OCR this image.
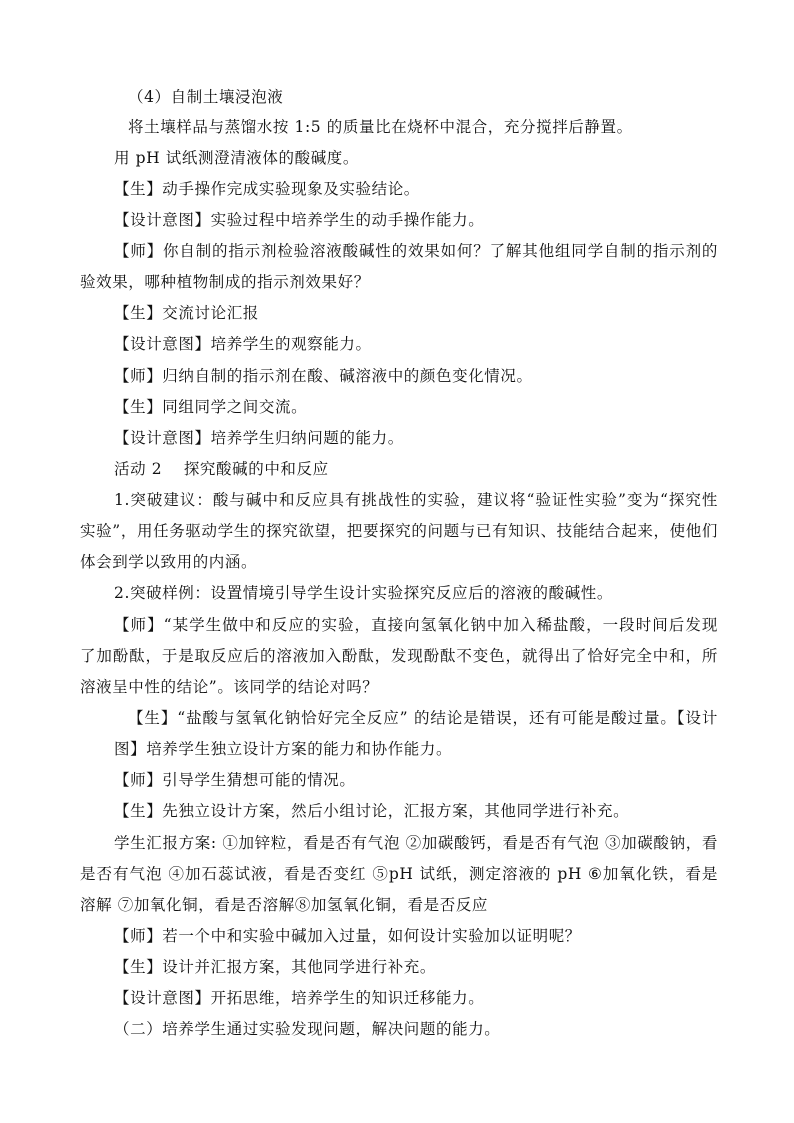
（4）自制土壤浸泡液
将土壤样品与蒸馏水按 1:5 的质量比在烧杯中混合，充分搅拌后静置。
用 pH 试纸测澄清液体的酸碱度。
【生】动手操作完成实验现象及实验结论。
【设计意图】实验过程中培养学生的动手操作能力。
【师】你自制的指示剂检验溶液酸碱性的效果如何？了解其他组同学自制的指示剂的
验效果，哪种植物制成的指示剂效果好？
【生】交流讨论汇报
【设计意图】培养学生的观察能力。
【师】归纳自制的指示剂在酸、碱溶液中的颜色变化情况。
【生】同组同学之间交流。
【设计意图】培养学生归纳问题的能力。
活动 2　 探究酸碱的中和反应
1.突破建议：酸与碱中和反应具有挑战性的实验，建议将“验证性实验”变为“探究性
实验”，用任务驱动学生的探究欲望，把要探究的问题与已有知识、技能结合起来，使他们
体会到学以致用的内涵。
2.突破样例：设置情境引导学生设计实验探究反应后的溶液的酸碱性。
【师】“某学生做中和反应的实验，直接向氢氧化钠中加入稀盐酸，一段时间后发现
了加酚酞，于是取反应后的溶液加入酚酞，发现酚酞不变色，就得出了恰好完全中和，所
溶液呈中性的结论”。该同学的结论对吗？
【生】“盐酸与氢氧化钠恰好完全反应” 的结论是错误，还有可能是酸过量。【设计
图】培养学生独立设计方案的能力和协作能力。
【师】引导学生猜想可能的情况。
【生】先独立设计方案，然后小组讨论，汇报方案，其他同学进行补充。
学生汇报方案: ①加锌粒，看是否有气泡 ②加碳酸钙，看是否有气泡 ③加碳酸钠，看
是否有气泡 ④加石蕊试液，看是否变红 ⑤pH 试纸，测定溶液的 pH ⑥加氧化铁，看是
溶解 ⑦加氧化铜，看是否溶解⑧加氢氧化铜，看是否反应
【师】若一个中和实验中碱加入过量，如何设计实验加以证明呢？
【生】设计并汇报方案，其他同学进行补充。
【设计意图】开拓思维，培养学生的知识迁移能力。
（二）培养学生通过实验发现问题，解决问题的能力。
